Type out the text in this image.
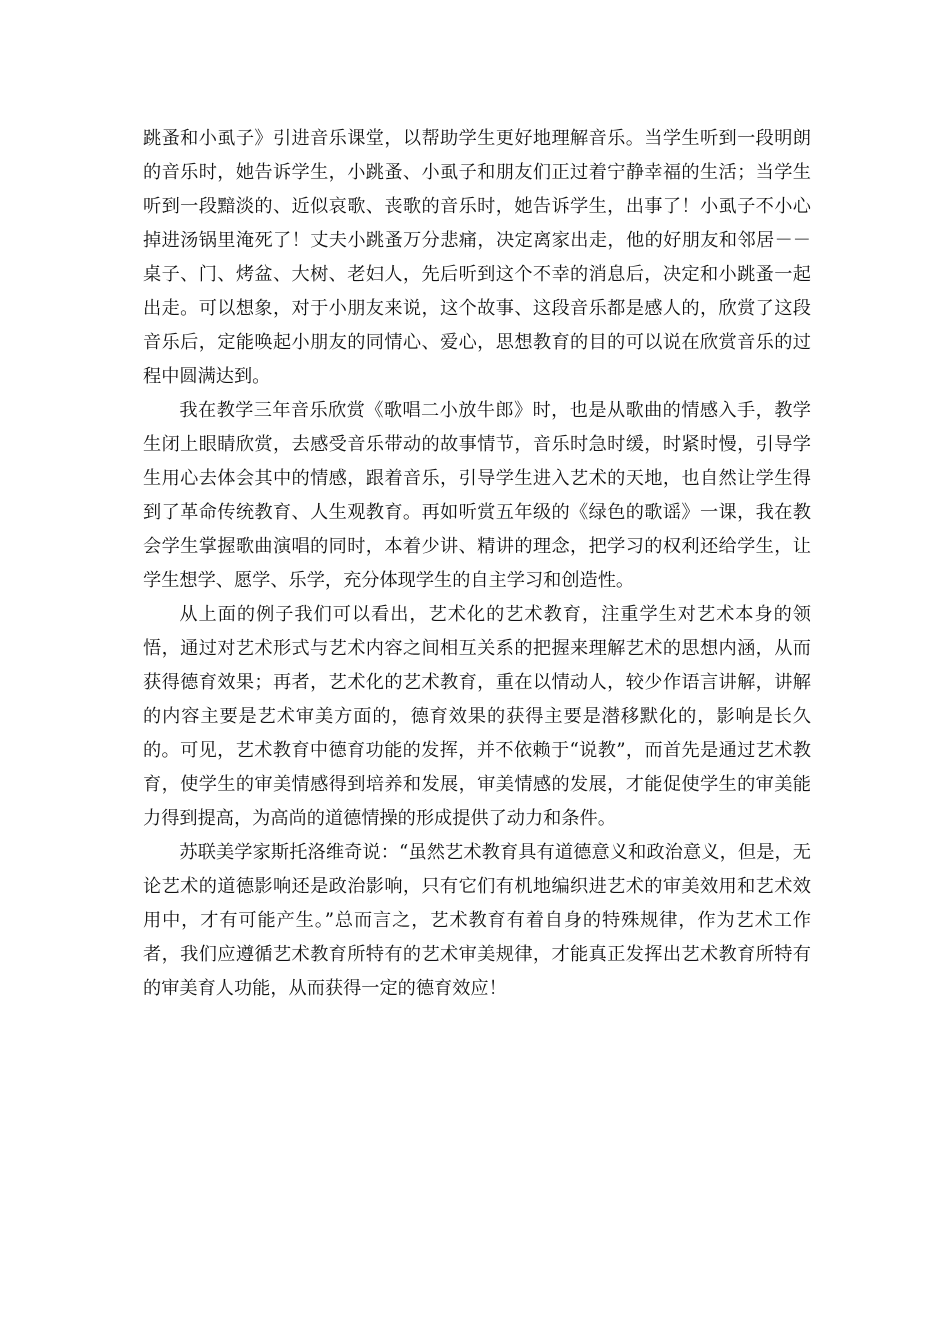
跳蚤和小虱子》引进音乐课堂，以帮助学生更好地理解音乐。当学生听到一段明朗的音乐时，她告诉学生，小跳蚤、小虱子和朋友们正过着宁静幸福的生活；当学生听到一段黯淡的、近似哀歌、丧歌的音乐时，她告诉学生，出事了！小虱子不小心掉进汤锅里淹死了！丈夫小跳蚤万分悲痛，决定离家出走，他的好朋友和邻居－－桌子、门、烤盆、大树、老妇人，先后听到这个不幸的消息后，决定和小跳蚤一起出走。可以想象，对于小朋友来说，这个故事、这段音乐都是感人的，欣赏了这段音乐后，定能唤起小朋友的同情心、爱心，思想教育的目的可以说在欣赏音乐的过程中圆满达到。

我在教学三年音乐欣赏《歌唱二小放牛郎》时，也是从歌曲的情感入手，教学生闭上眼睛欣赏，去感受音乐带动的故事情节，音乐时急时缓，时紧时慢，引导学生用心去体会其中的情感，跟着音乐，引导学生进入艺术的天地，也自然让学生得到了革命传统教育、人生观教育。再如听赏五年级的《绿色的歌谣》一课，我在教会学生掌握歌曲演唱的同时，本着少讲、精讲的理念，把学习的权利还给学生，让学生想学、愿学、乐学，充分体现学生的自主学习和创造性。

从上面的例子我们可以看出，艺术化的艺术教育，注重学生对艺术本身的领悟，通过对艺术形式与艺术内容之间相互关系的把握来理解艺术的思想内涵，从而获得德育效果；再者，艺术化的艺术教育，重在以情动人，较少作语言讲解，讲解的内容主要是艺术审美方面的，德育效果的获得主要是潜移默化的，影响是长久的。可见，艺术教育中德育功能的发挥，并不依赖于“说教”，而首先是通过艺术教育，使学生的审美情感得到培养和发展，审美情感的发展，才能促使学生的审美能力得到提高，为高尚的道德情操的形成提供了动力和条件。

苏联美学家斯托洛维奇说：“虽然艺术教育具有道德意义和政治意义，但是，无论艺术的道德影响还是政治影响，只有它们有机地编织进艺术的审美效用和艺术效用中，才有可能产生。”总而言之，艺术教育有着自身的特殊规律，作为艺术工作者，我们应遵循艺术教育所特有的艺术审美规律，才能真正发挥出艺术教育所特有的审美育人功能，从而获得一定的德育效应！
